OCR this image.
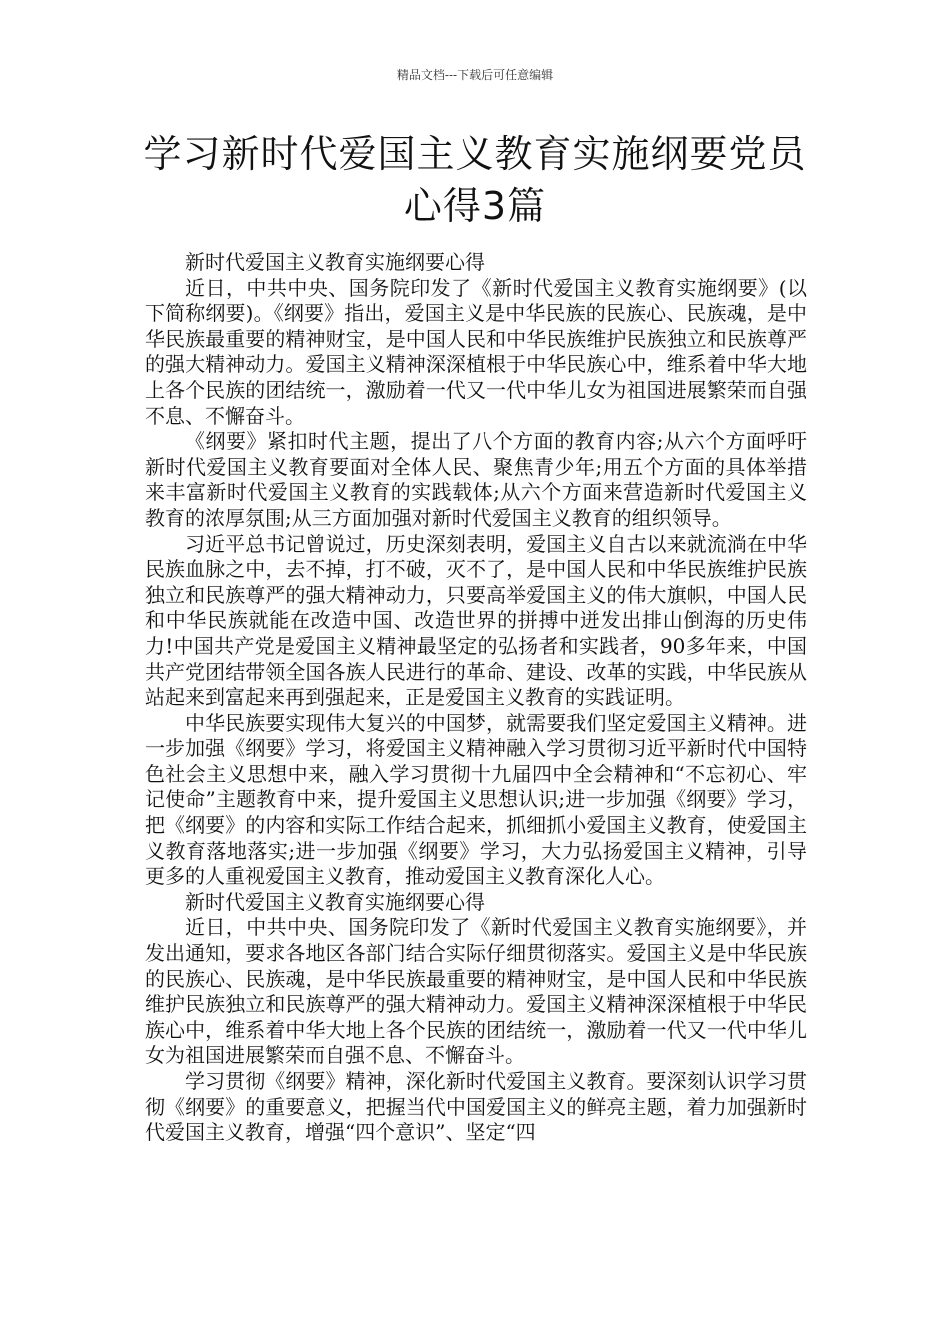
精品文档---下载后可任意编辑
学习新时代爱国主义教育实施纲要党员
心得3篇

新时代爱国主义教育实施纲要心得

近日，中共中央、国务院印发了《新时代爱国主义教育实施纲要》(以下简称纲要)。《纲要》指出，爱国主义是中华民族的民族心、民族魂，是中华民族最重要的精神财宝，是中国人民和中华民族维护民族独立和民族尊严的强大精神动力。爱国主义精神深深植根于中华民族心中，维系着中华大地上各个民族的团结统一，激励着一代又一代中华儿女为祖国进展繁荣而自强不息、不懈奋斗。

《纲要》紧扣时代主题，提出了八个方面的教育内容;从六个方面呼吁新时代爱国主义教育要面对全体人民、聚焦青少年;用五个方面的具体举措来丰富新时代爱国主义教育的实践载体;从六个方面来营造新时代爱国主义教育的浓厚氛围;从三方面加强对新时代爱国主义教育的组织领导。

习近平总书记曾说过，历史深刻表明，爱国主义自古以来就流淌在中华民族血脉之中，去不掉，打不破，灭不了，是中国人民和中华民族维护民族独立和民族尊严的强大精神动力，只要高举爱国主义的伟大旗帜，中国人民和中华民族就能在改造中国、改造世界的拼搏中迸发出排山倒海的历史伟力!中国共产党是爱国主义精神最坚定的弘扬者和实践者，90多年来，中国共产党团结带领全国各族人民进行的革命、建设、改革的实践，中华民族从站起来到富起来再到强起来，正是爱国主义教育的实践证明。

中华民族要实现伟大复兴的中国梦，就需要我们坚定爱国主义精神。进一步加强《纲要》学习，将爱国主义精神融入学习贯彻习近平新时代中国特色社会主义思想中来，融入学习贯彻十九届四中全会精神和“不忘初心、牢记使命”主题教育中来，提升爱国主义思想认识;进一步加强《纲要》学习，把《纲要》的内容和实际工作结合起来，抓细抓小爱国主义教育，使爱国主义教育落地落实;进一步加强《纲要》学习，大力弘扬爱国主义精神，引导更多的人重视爱国主义教育，推动爱国主义教育深化人心。

新时代爱国主义教育实施纲要心得

近日，中共中央、国务院印发了《新时代爱国主义教育实施纲要》，并发出通知，要求各地区各部门结合实际仔细贯彻落实。爱国主义是中华民族的民族心、民族魂，是中华民族最重要的精神财宝，是中国人民和中华民族维护民族独立和民族尊严的强大精神动力。爱国主义精神深深植根于中华民族心中，维系着中华大地上各个民族的团结统一，激励着一代又一代中华儿女为祖国进展繁荣而自强不息、不懈奋斗。

学习贯彻《纲要》精神，深化新时代爱国主义教育。要深刻认识学习贯彻《纲要》的重要意义，把握当代中国爱国主义的鲜亮主题，着力加强新时代爱国主义教育，增强“四个意识”、坚定“四
